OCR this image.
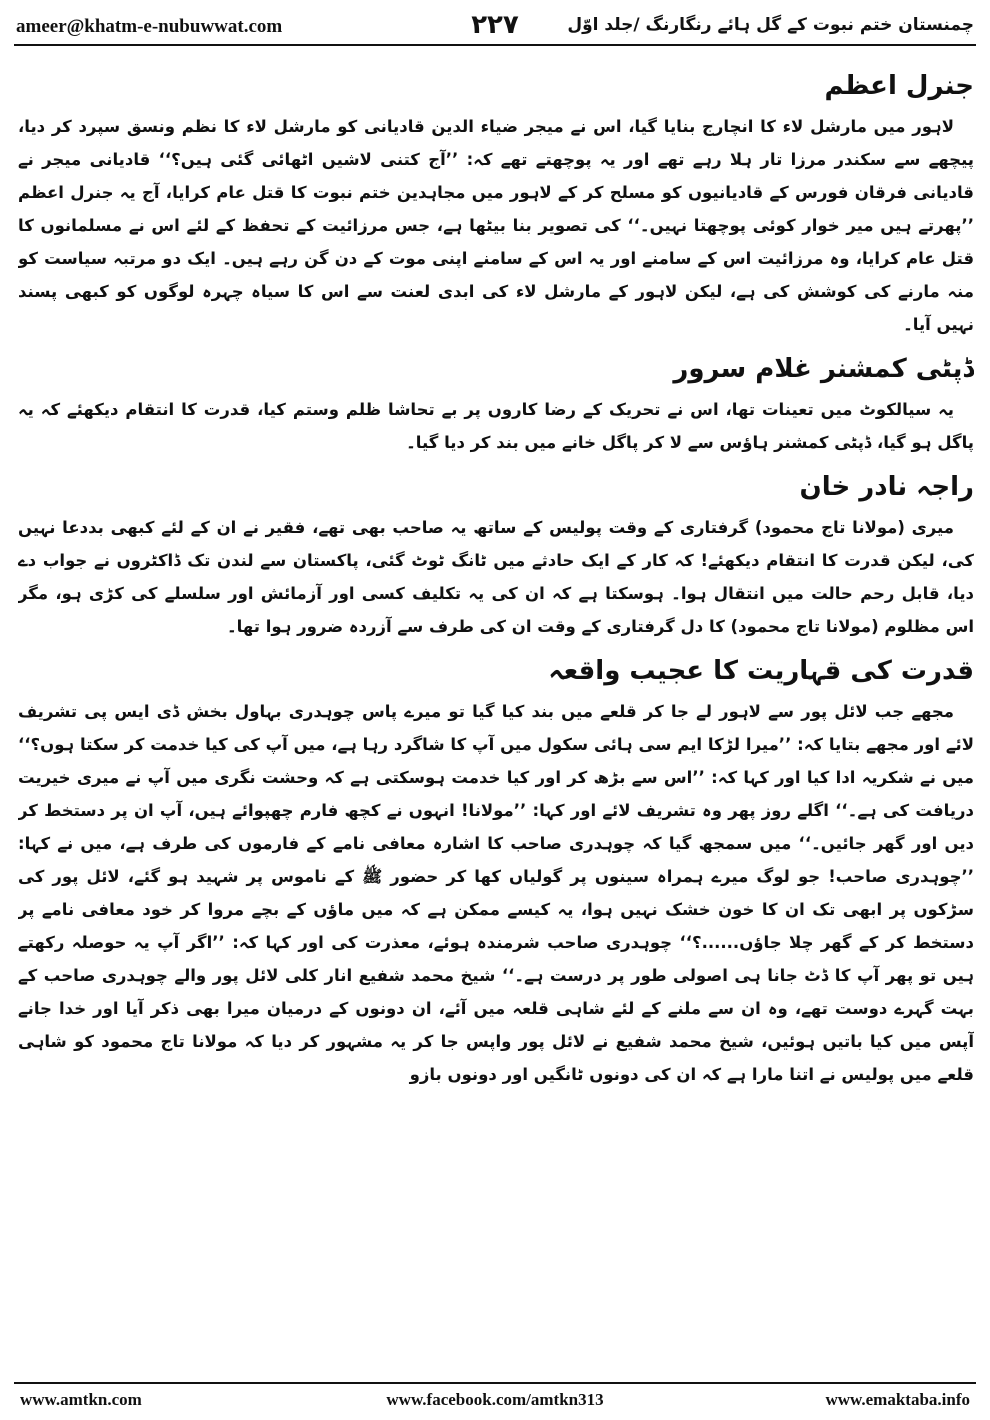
ameer@khatm-e-nubuwwat.com	۲۲۷	چمنستان ختم نبوت کے گل ہائے رنگارنگ /جلد اوّل
جنرل اعظم

لاہور میں مارشل لاء کا انچارج بنایا گیا، اس نے میجر ضیاء الدین قادیانی کو مارشل لاء کا نظم ونسق سپرد کر دیا، پیچھے سے سکندر مرزا تار ہلا رہے تھے اور یہ پوچھتے تھے کہ: ’’آج کتنی لاشیں اٹھائی گئی ہیں؟‘‘ قادیانی میجر نے قادیانی فرقان فورس کے قادیانیوں کو مسلح کر کے لاہور میں مجاہدین ختم نبوت کا قتل عام کرایا، آج یہ جنرل اعظم ’’پھرتے ہیں میر خوار کوئی پوچھتا نہیں۔‘‘ کی تصویر بنا بیٹھا ہے، جس مرزائیت کے تحفظ کے لئے اس نے مسلمانوں کا قتل عام کرایا، وہ مرزائیت اس کے سامنے اور یہ اس کے سامنے اپنی موت کے دن گن رہے ہیں۔ ایک دو مرتبہ سیاست کو منہ مارنے کی کوشش کی ہے، لیکن لاہور کے مارشل لاء کی ابدی لعنت سے اس کا سیاہ چہرہ لوگوں کو کبھی پسند نہیں آیا۔

ڈپٹی کمشنر غلام سرور

یہ سیالکوٹ میں تعینات تھا، اس نے تحریک کے رضا کاروں پر بے تحاشا ظلم وستم کیا، قدرت کا انتقام دیکھئے کہ یہ پاگل ہو گیا، ڈپٹی کمشنر ہاؤس سے لا کر پاگل خانے میں بند کر دیا گیا۔

راجہ نادر خان

میری (مولانا تاج محمود) گرفتاری کے وقت پولیس کے ساتھ یہ صاحب بھی تھے، فقیر نے ان کے لئے کبھی بددعا نہیں کی، لیکن قدرت کا انتقام دیکھئے! کہ کار کے ایک حادثے میں ٹانگ ٹوٹ گئی، پاکستان سے لندن تک ڈاکٹروں نے جواب دے دیا، قابل رحم حالت میں انتقال ہوا۔ ہوسکتا ہے کہ ان کی یہ تکلیف کسی اور آزمائش اور سلسلے کی کڑی ہو، مگر اس مظلوم (مولانا تاج محمود) کا دل گرفتاری کے وقت ان کی طرف سے آزردہ ضرور ہوا تھا۔

قدرت کی قہاریت کا عجیب واقعہ

مجھے جب لائل پور سے لاہور لے جا کر قلعے میں بند کیا گیا تو میرے پاس چوہدری بہاول بخش ڈی ایس پی تشریف لائے اور مجھے بتایا کہ: ’’میرا لڑکا ایم سی ہائی سکول میں آپ کا شاگرد رہا ہے، میں آپ کی کیا خدمت کر سکتا ہوں؟‘‘ میں نے شکریہ ادا کیا اور کہا کہ: ’’اس سے بڑھ کر اور کیا خدمت ہوسکتی ہے کہ وحشت نگری میں آپ نے میری خیریت دریافت کی ہے۔‘‘ اگلے روز پھر وہ تشریف لائے اور کہا: ’’مولانا! انہوں نے کچھ فارم چھپوائے ہیں، آپ ان پر دستخط کر دیں اور گھر جائیں۔‘‘ میں سمجھ گیا کہ چوہدری صاحب کا اشارہ معافی نامے کے فارموں کی طرف ہے، میں نے کہا: ’’چوہدری صاحب! جو لوگ میرے ہمراہ سینوں پر گولیاں کھا کر حضور ﷺ کے ناموس پر شہید ہو گئے، لائل پور کی سڑکوں پر ابھی تک ان کا خون خشک نہیں ہوا، یہ کیسے ممکن ہے کہ میں ماؤں کے بچے مروا کر خود معافی نامے پر دستخط کر کے گھر چلا جاؤں......؟‘‘ چوہدری صاحب شرمندہ ہوئے، معذرت کی اور کہا کہ: ’’اگر آپ یہ حوصلہ رکھتے ہیں تو پھر آپ کا ڈٹ جانا ہی اصولی طور پر درست ہے۔‘‘ شیخ محمد شفیع انار کلی لائل پور والے چوہدری صاحب کے بہت گہرے دوست تھے، وہ ان سے ملنے کے لئے شاہی قلعہ میں آئے، ان دونوں کے درمیان میرا بھی ذکر آیا اور خدا جانے آپس میں کیا باتیں ہوئیں، شیخ محمد شفیع نے لائل پور واپس جا کر یہ مشہور کر دیا کہ مولانا تاج محمود کو شاہی قلعے میں پولیس نے اتنا مارا ہے کہ ان کی دونوں ٹانگیں اور دونوں بازو

www.amtkn.com	www.facebook.com/amtkn313	www.emaktaba.info
